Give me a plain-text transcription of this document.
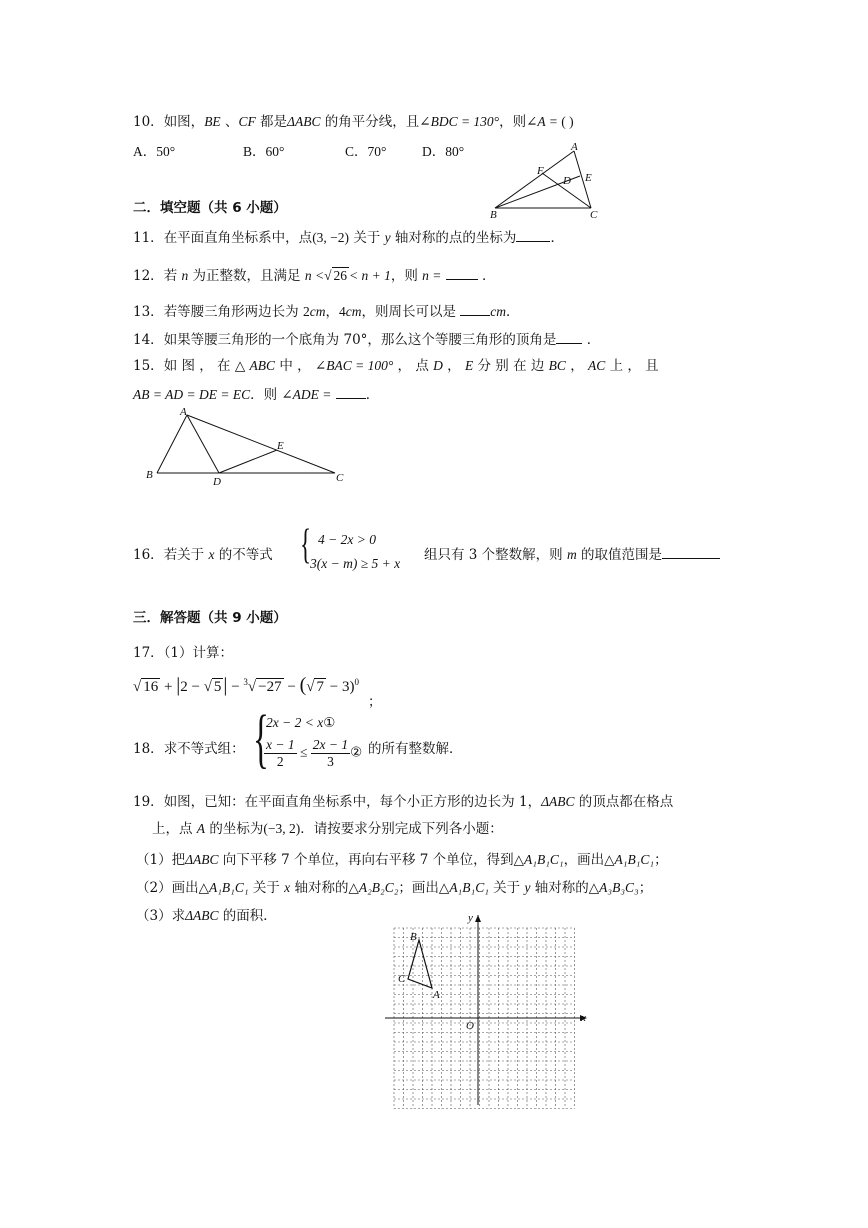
10．如图，BE 、CF 都是ΔABC 的角平分线，且∠BDC = 130°，则∠A = ( )
A．50°	B．60°	C．70°	D．80°	A
B	C
D E
F
二．填空题（共 6 小题）
11．在平面直角坐标系中，点(3, −2) 关于 y 轴对称的点的坐标为	．
12．若 n 为正整数，且满足 n <√ 26 < n + 1，则 n =	．
13．若等腰三角形两边长为 2cm，4cm，则周长可以是 cm．
14．如果等腰三角形的一个底角为 70°，那么这个等腰三角形的顶角是 ．
15．如 图 ， 在 △ ABC 中 ， ∠BAC = 100° ， 点 D ， E 分 别 在 边 BC ， AC 上 ， 且
AB = AD = DE = EC．则 ∠ADE =	．
A
B	C
D
E
16．若关于 x 的不等式 { 4 − 2x > 0
3(x − m) ≥ 5 + x
组只有 3 个整数解，则 m 的取值范围是
三．解答题（共 9 小题）
17．（1）计算：
√ 16 + |2 − √ 5 | − $^3$√ −27 − (√ 7 − 3)$^0$
；
18．求不等式组： {
2x − 2 < x①
$\frac{x - 1}{2} \le \frac{2x - 1}{3}$ ② 的所有整数解．
19．如图，已知：在平面直角坐标系中，每个小正方形的边长为 1，ΔABC 的顶点都在格点
上，点 A 的坐标为(−3, 2)．请按要求分别完成下列各小题：
（1）把ΔABC 向下平移 7 个单位，再向右平移 7 个单位，得到△A₁B₁C₁，画出△A₁B₁C₁；
（2）画出△A₁B₁C₁ 关于 x 轴对称的△A₂B₂C₂；画出△A₁B₁C₁ 关于 y 轴对称的△A₃B₃C₃；
（3）求ΔABC 的面积．
x
y
O
A
B
C
